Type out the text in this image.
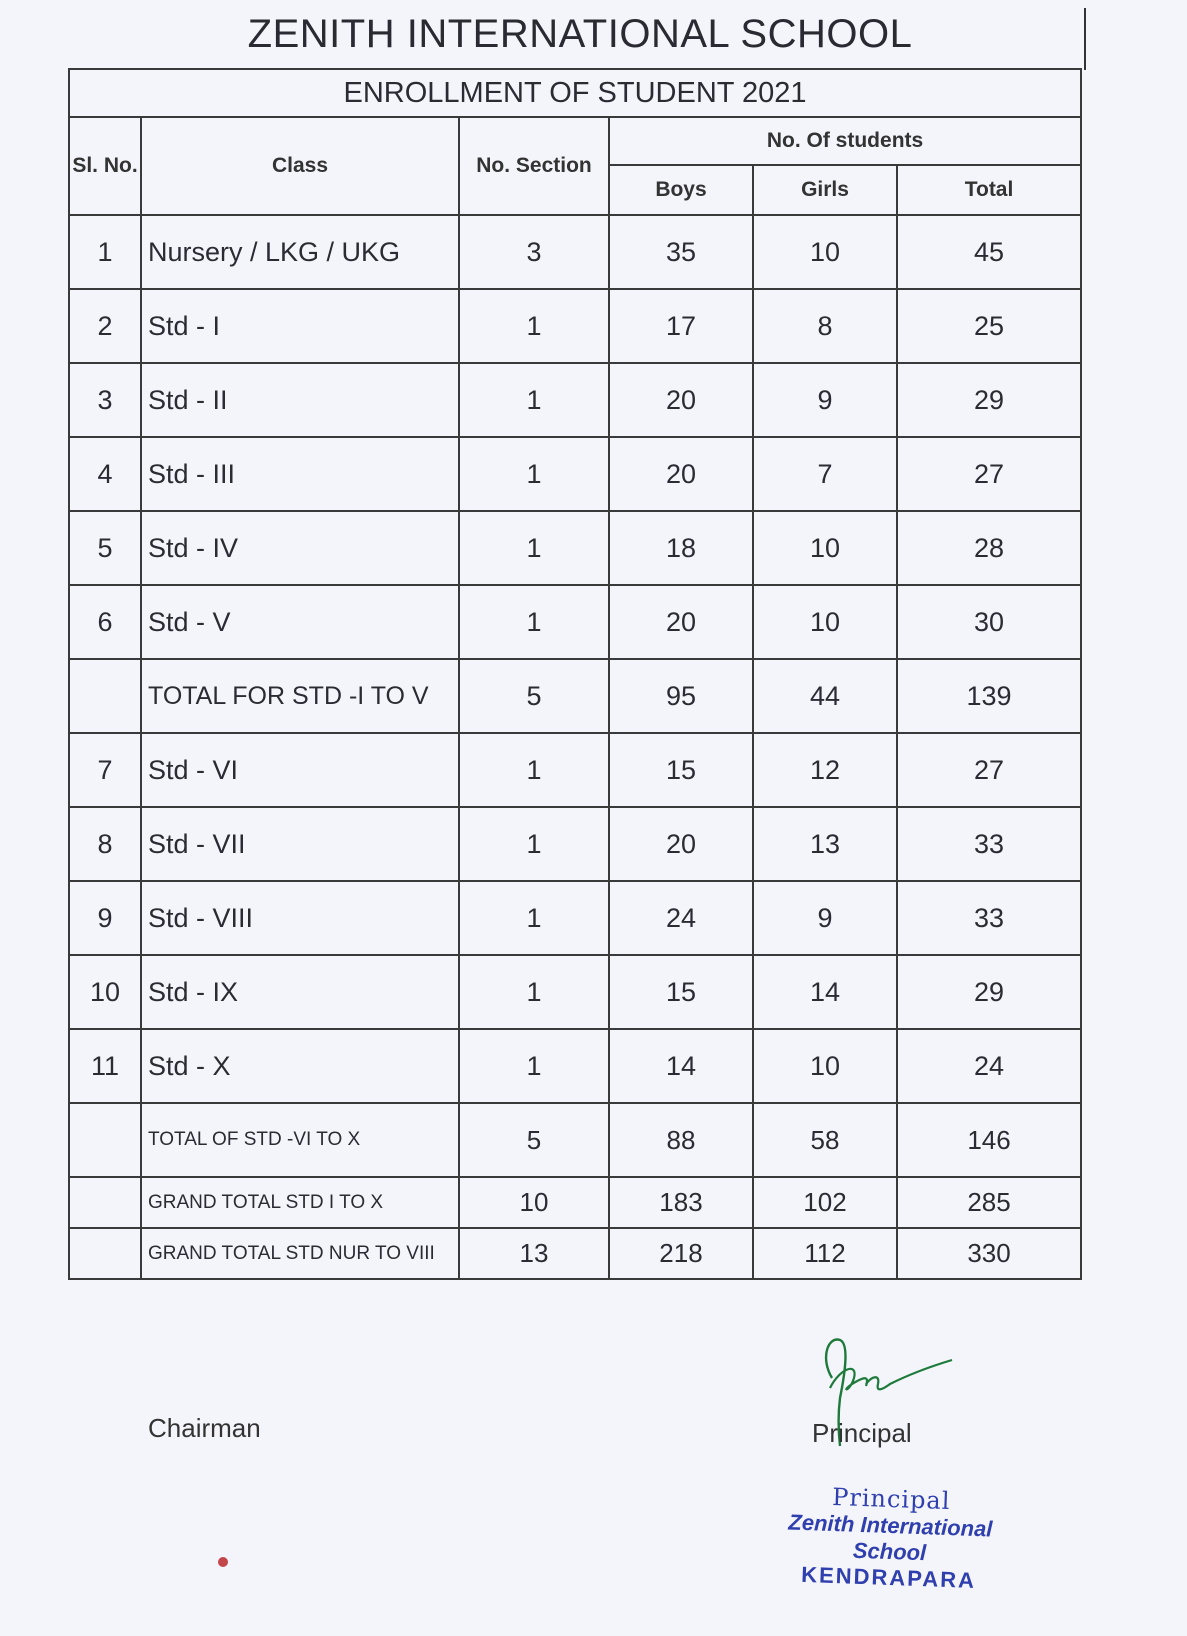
ZENITH INTERNATIONAL SCHOOL
ENROLLMENT OF STUDENT 2021					
Sl. No.	Class	No. Section	No. Of students		
			Boys	Girls	Total
1	Nursery / LKG / UKG	3	35	10	45
2	Std - I	1	17	8	25
3	Std - II	1	20	9	29
4	Std - III	1	20	7	27
5	Std - IV	1	18	10	28
6	Std - V	1	20	10	30
	TOTAL FOR STD -I TO V	5	95	44	139
7	Std - VI	1	15	12	27
8	Std - VII	1	20	13	33
9	Std - VIII	1	24	9	33
10	Std - IX	1	15	14	29
11	Std - X	1	14	10	24
	TOTAL OF STD -VI TO X	5	88	58	146
	GRAND TOTAL STD I TO X	10	183	102	285
	GRAND TOTAL STD NUR TO VIII	13	218	112	330
Chairman	Principal
Principal
Zenith International School
KENDRAPARA
